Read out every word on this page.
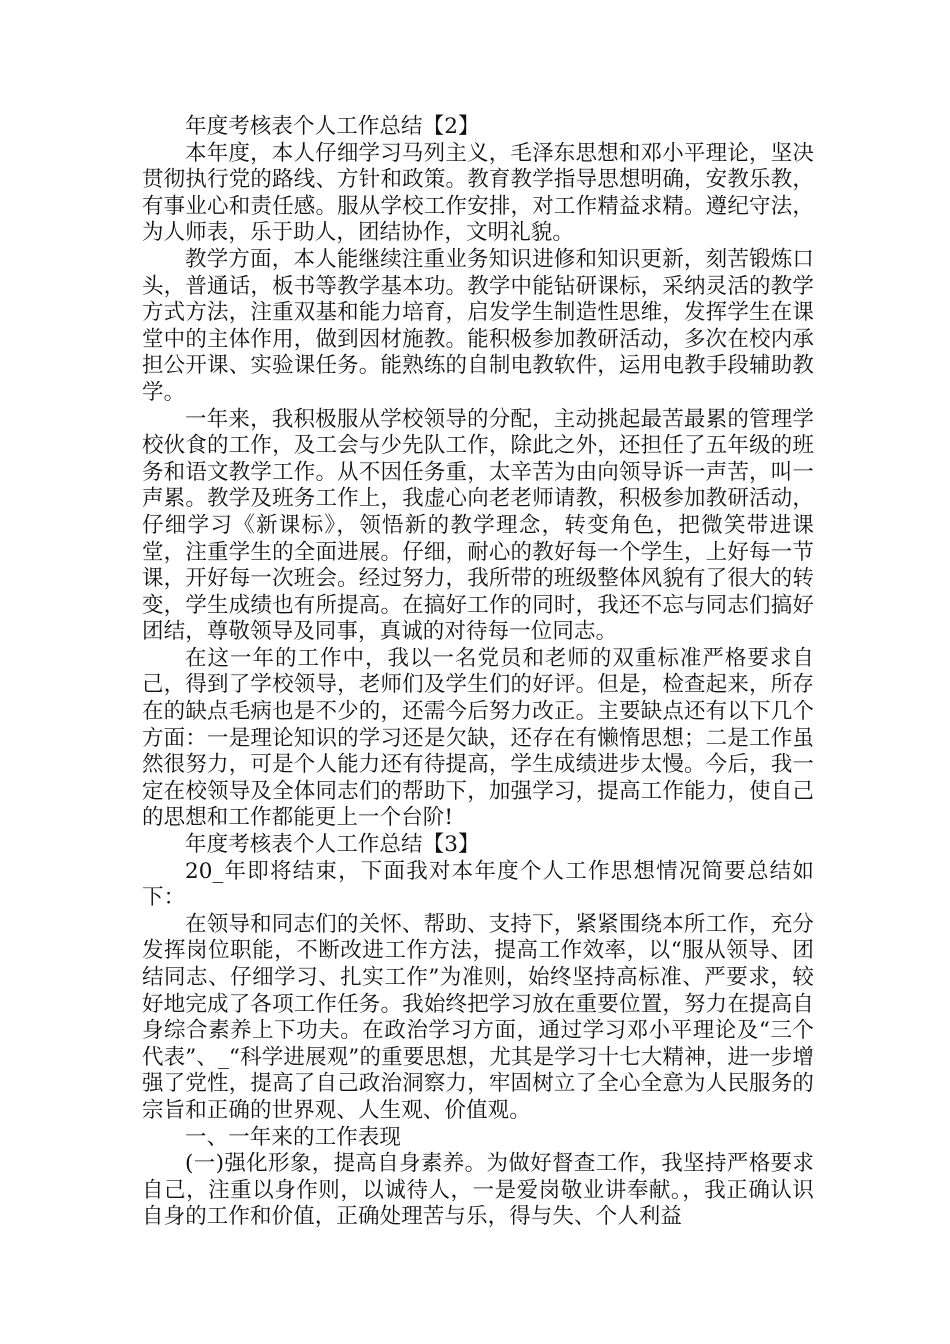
年度考核表个人工作总结【2】

本年度，本人仔细学习马列主义，毛泽东思想和邓小平理论，坚决贯彻执行党的路线、方针和政策。教育教学指导思想明确，安教乐教，有事业心和责任感。服从学校工作安排，对工作精益求精。遵纪守法，为人师表，乐于助人，团结协作，文明礼貌。

教学方面，本人能继续注重业务知识进修和知识更新，刻苦锻炼口头，普通话，板书等教学基本功。教学中能钻研课标，采纳灵活的教学方式方法，注重双基和能力培育，启发学生制造性思维，发挥学生在课堂中的主体作用，做到因材施教。能积极参加教研活动，多次在校内承担公开课、实验课任务。能熟练的自制电教软件，运用电教手段辅助教学。

一年来，我积极服从学校领导的分配，主动挑起最苦最累的管理学校伙食的工作，及工会与少先队工作，除此之外，还担任了五年级的班务和语文教学工作。从不因任务重，太辛苦为由向领导诉一声苦，叫一声累。教学及班务工作上，我虚心向老老师请教，积极参加教研活动，仔细学习《新课标》，领悟新的教学理念，转变角色，把微笑带进课堂，注重学生的全面进展。仔细，耐心的教好每一个学生，上好每一节课，开好每一次班会。经过努力，我所带的班级整体风貌有了很大的转变，学生成绩也有所提高。在搞好工作的同时，我还不忘与同志们搞好团结，尊敬领导及同事，真诚的对待每一位同志。

在这一年的工作中，我以一名党员和老师的双重标准严格要求自己，得到了学校领导，老师们及学生们的好评。但是，检查起来，所存在的缺点毛病也是不少的，还需今后努力改正。主要缺点还有以下几个方面：一是理论知识的学习还是欠缺，还存在有懒惰思想；二是工作虽然很努力，可是个人能力还有待提高，学生成绩进步太慢。今后，我一定在校领导及全体同志们的帮助下，加强学习，提高工作能力，使自己的思想和工作都能更上一个台阶!

年度考核表个人工作总结【3】

20_年即将结束，下面我对本年度个人工作思想情况简要总结如下：

在领导和同志们的关怀、帮助、支持下，紧紧围绕本所工作，充分发挥岗位职能，不断改进工作方法，提高工作效率，以“服从领导、团结同志、仔细学习、扎实工作”为准则，始终坚持高标准、严要求，较好地完成了各项工作任务。我始终把学习放在重要位置，努力在提高自身综合素养上下功夫。在政治学习方面，通过学习邓小平理论及“三个代表”、_“科学进展观”的重要思想，尤其是学习十七大精神，进一步增强了党性，提高了自己政治洞察力，牢固树立了全心全意为人民服务的宗旨和正确的世界观、人生观、价值观。

一、一年来的工作表现

(一)强化形象，提高自身素养。为做好督查工作，我坚持严格要求自己，注重以身作则，以诚待人，一是爱岗敬业讲奉献。，我正确认识自身的工作和价值，正确处理苦与乐，得与失、个人利益
